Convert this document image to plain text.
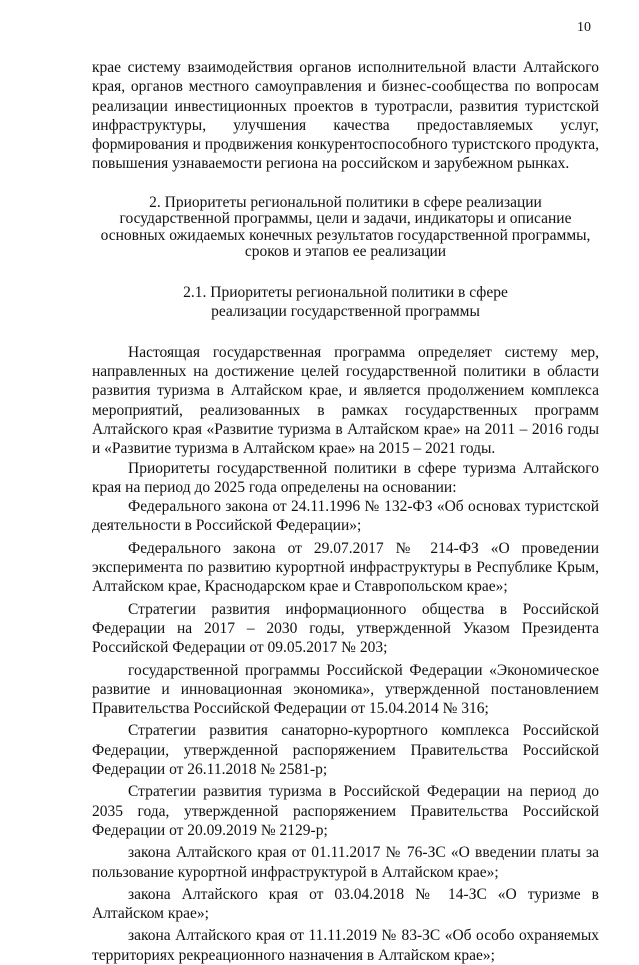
10

крае систему взаимодействия органов исполнительной власти Алтайского края, органов местного самоуправления и бизнес-сообщества по вопросам реализации инвестиционных проектов в туротрасли, развития туристской инфраструктуры, улучшения качества предоставляемых услуг, формирования и продвижения конкурентоспособного туристского продукта, повышения узнаваемости региона на российском и зарубежном рынках.

2. Приоритеты региональной политики в сфере реализации
государственной программы, цели и задачи, индикаторы и описание
основных ожидаемых конечных результатов государственной программы,
сроков и этапов ее реализации
2.1. Приоритеты региональной политики в сфере
реализации государственной программы

Настоящая государственная программа определяет систему мер, направленных на достижение целей государственной политики в области развития туризма в Алтайском крае, и является продолжением комплекса мероприятий, реализованных в рамках государственных программ Алтайского края «Развитие туризма в Алтайском крае» на 2011 – 2016 годы и «Развитие туризма в Алтайском крае» на 2015 – 2021 годы.

Приоритеты государственной политики в сфере туризма Алтайского края на период до 2025 года определены на основании:

Федерального закона от 24.11.1996 № 132-ФЗ «Об основах туристской деятельности в Российской Федерации»;

Федерального закона от 29.07.2017 № 214-ФЗ «О проведении эксперимента по развитию курортной инфраструктуры в Республике Крым, Алтайском крае, Краснодарском крае и Ставропольском крае»;

Стратегии развития информационного общества в Российской Федерации на 2017 – 2030 годы, утвержденной Указом Президента Российской Федерации от 09.05.2017 № 203;

государственной программы Российской Федерации «Экономическое развитие и инновационная экономика», утвержденной постановлением Правительства Российской Федерации от 15.04.2014 № 316;

Стратегии развития санаторно-курортного комплекса Российской Федерации, утвержденной распоряжением Правительства Российской Федерации от 26.11.2018 № 2581-р;

Стратегии развития туризма в Российской Федерации на период до 2035 года, утвержденной распоряжением Правительства Российской Федерации от 20.09.2019 № 2129-р;

закона Алтайского края от 01.11.2017 № 76-ЗС «О введении платы за пользование курортной инфраструктурой в Алтайском крае»;

закона Алтайского края от 03.04.2018 № 14-ЗС «О туризме в Алтайском крае»;

закона Алтайского края от 11.11.2019 № 83-ЗС «Об особо охраняемых территориях рекреационного назначения в Алтайском крае»;
